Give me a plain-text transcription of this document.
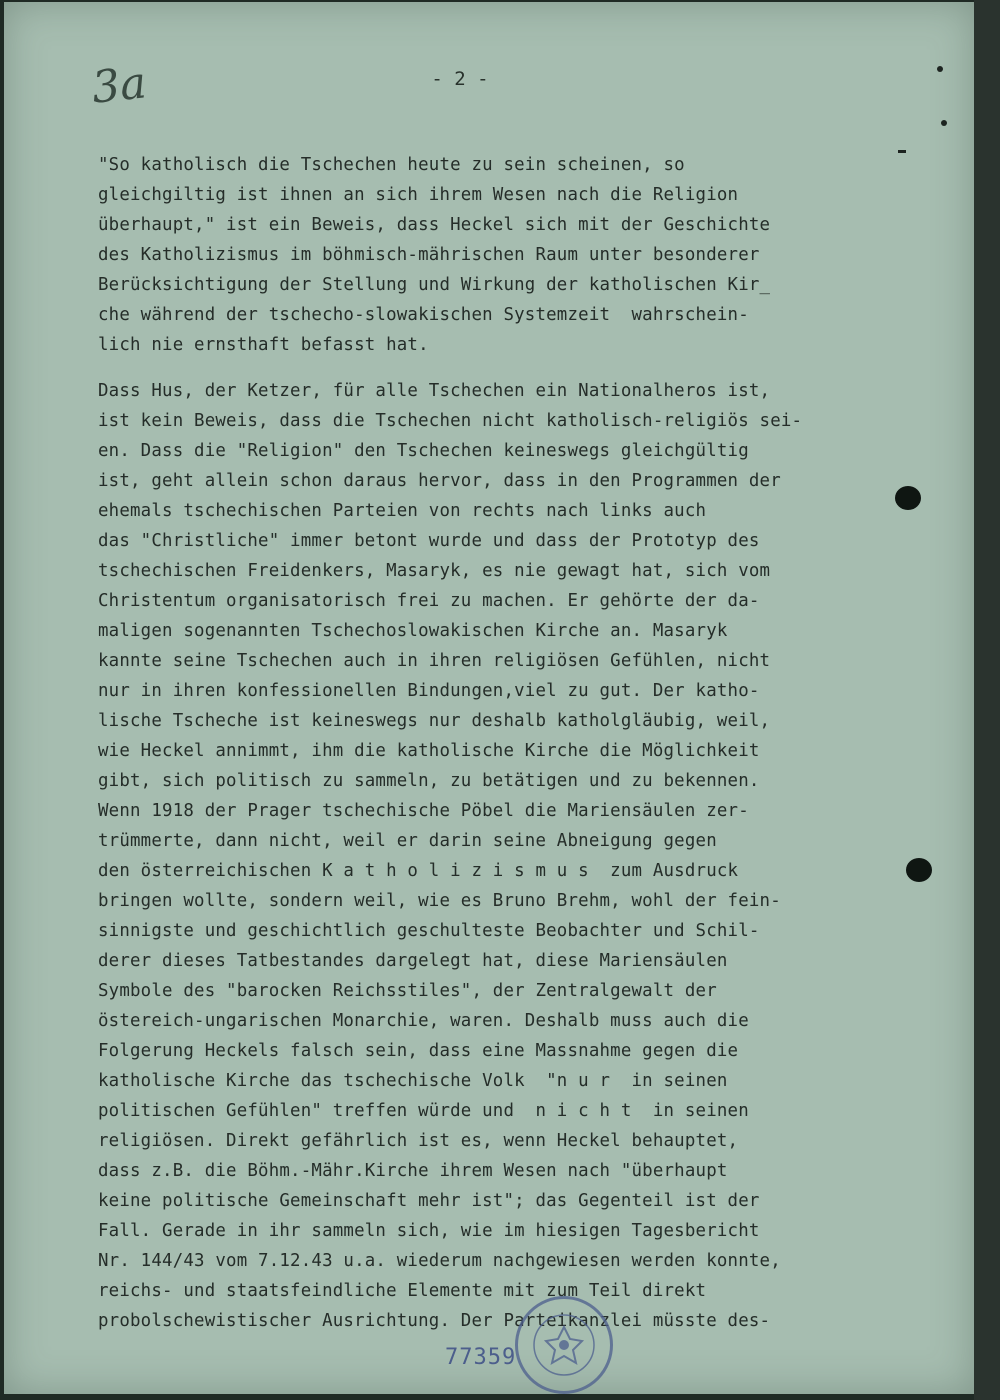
3a	- 2 -
"So katholisch die Tschechen heute zu sein scheinen, so
gleichgiltig ist ihnen an sich ihrem Wesen nach die Religion
überhaupt," ist ein Beweis, dass Heckel sich mit der Geschichte
des Katholizismus im böhmisch-mährischen Raum unter besonderer
Berücksichtigung der Stellung und Wirkung der katholischen Kir_
che während der tschecho-slowakischen Systemzeit  wahrschein-
lich nie ernsthaft befasst hat.
Dass Hus, der Ketzer, für alle Tschechen ein Nationalheros ist,
ist kein Beweis, dass die Tschechen nicht katholisch-religiös sei-
en. Dass die "Religion" den Tschechen keineswegs gleichgültig
ist, geht allein schon daraus hervor, dass in den Programmen der
ehemals tschechischen Parteien von rechts nach links auch
das "Christliche" immer betont wurde und dass der Prototyp des
tschechischen Freidenkers, Masaryk, es nie gewagt hat, sich vom
Christentum organisatorisch frei zu machen. Er gehörte der da-
maligen sogenannten Tschechoslowakischen Kirche an. Masaryk
kannte seine Tschechen auch in ihren religiösen Gefühlen, nicht
nur in ihren konfessionellen Bindungen,viel zu gut. Der katho-
lische Tscheche ist keineswegs nur deshalb katholgläubig, weil,
wie Heckel annimmt, ihm die katholische Kirche die Möglichkeit
gibt, sich politisch zu sammeln, zu betätigen und zu bekennen.
Wenn 1918 der Prager tschechische Pöbel die Mariensäulen zer-
trümmerte, dann nicht, weil er darin seine Abneigung gegen
den österreichischen K a t h o l i z i s m u s  zum Ausdruck
bringen wollte, sondern weil, wie es Bruno Brehm, wohl der fein-
sinnigste und geschichtlich geschulteste Beobachter und Schil-
derer dieses Tatbestandes dargelegt hat, diese Mariensäulen
Symbole des "barocken Reichsstiles", der Zentralgewalt der
östereich-ungarischen Monarchie, waren. Deshalb muss auch die
Folgerung Heckels falsch sein, dass eine Massnahme gegen die
katholische Kirche das tschechische Volk  "n u r  in seinen
politischen Gefühlen" treffen würde und  n i c h t  in seinen
religiösen. Direkt gefährlich ist es, wenn Heckel behauptet,
dass z.B. die Böhm.-Mähr.Kirche ihrem Wesen nach "überhaupt
keine politische Gemeinschaft mehr ist"; das Gegenteil ist der
Fall. Gerade in ihr sammeln sich, wie im hiesigen Tagesbericht
Nr. 144/43 vom 7.12.43 u.a. wiederum nachgewiesen werden konnte,
reichs- und staatsfeindliche Elemente mit zum Teil direkt
probolschewistischer Ausrichtung. Der Parteikanzlei müsste des-
77359
